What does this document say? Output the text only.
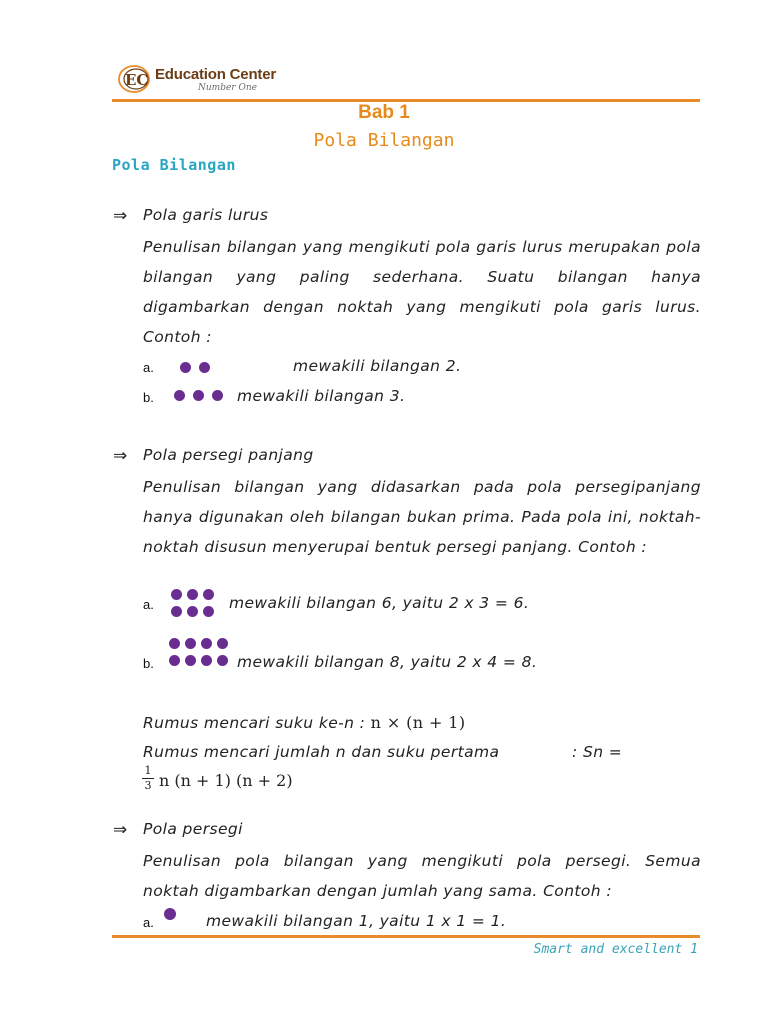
EC Education Center
Number One
Bab 1
Pola Bilangan
Pola Bilangan
⇒ Pola garis lurus
Penulisan bilangan yang mengikuti pola garis lurus merupakan pola bilangan yang paling sederhana. Suatu bilangan hanya digambarkan dengan noktah yang mengikuti pola garis lurus. Contoh :
a.	mewakili bilangan 2.
b.	mewakili bilangan 3.
⇒ Pola persegi panjang
Penulisan bilangan yang didasarkan pada pola persegipanjang hanya digunakan oleh bilangan bukan prima. Pada pola ini, noktah-noktah disusun menyerupai bentuk persegi panjang. Contoh :
a.	mewakili bilangan 6, yaitu 2 x 3 = 6.
b.	mewakili bilangan 8, yaitu 2 x 4 = 8.
Rumus mencari suku ke-n : n × (n + 1)
Rumus mencari jumlah n dan suku pertama	: Sn =
1
3 n (n + 1) (n + 2)
⇒ Pola persegi
Penulisan pola bilangan yang mengikuti pola persegi. Semua noktah digambarkan dengan jumlah yang sama. Contoh :
a.	mewakili bilangan 1, yaitu 1 x 1 = 1.
Smart and excellent 1
